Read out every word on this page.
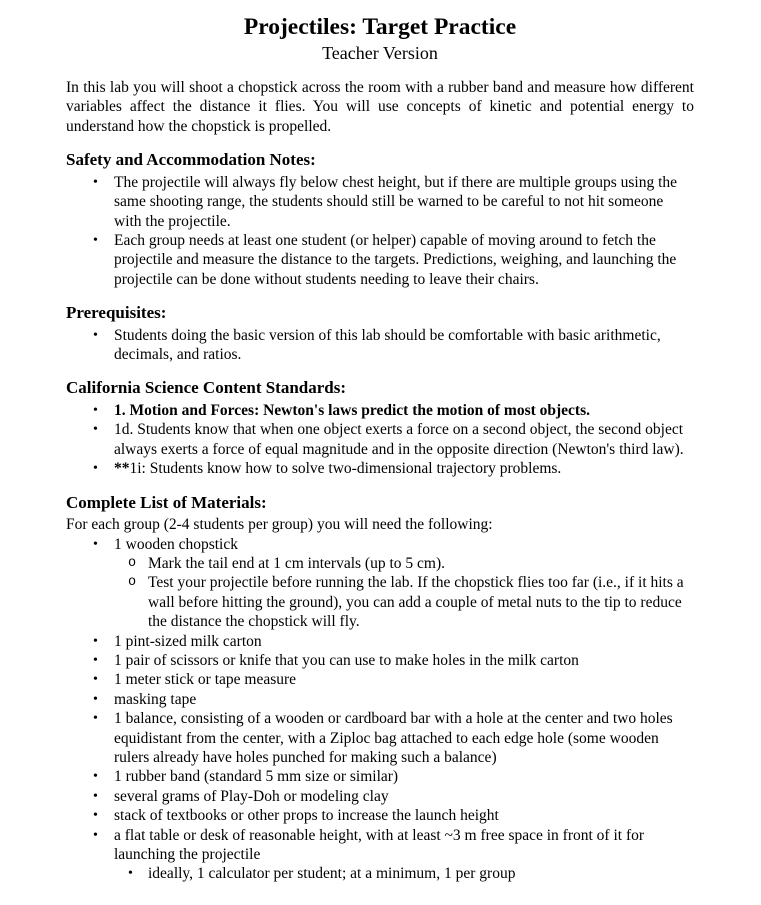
Projectiles: Target Practice
Teacher Version

In this lab you will shoot a chopstick across the room with a rubber band and measure how different variables affect the distance it flies. You will use concepts of kinetic and potential energy to understand how the chopstick is propelled.

Safety and Accommodation Notes:
• The projectile will always fly below chest height, but if there are multiple groups using the same shooting range, the students should still be warned to be careful to not hit someone with the projectile.
• Each group needs at least one student (or helper) capable of moving around to fetch the projectile and measure the distance to the targets. Predictions, weighing, and launching the projectile can be done without students needing to leave their chairs.
Prerequisites:
• Students doing the basic version of this lab should be comfortable with basic arithmetic, decimals, and ratios.
California Science Content Standards:
• 1. Motion and Forces: Newton's laws predict the motion of most objects.
• 1d. Students know that when one object exerts a force on a second object, the second object always exerts a force of equal magnitude and in the opposite direction (Newton's third law).
• **1i: Students know how to solve two-dimensional trajectory problems.
Complete List of Materials:

For each group (2-4 students per group) you will need the following:

• 1 wooden chopstick
o Mark the tail end at 1 cm intervals (up to 5 cm).
o Test your projectile before running the lab. If the chopstick flies too far (i.e., if it hits a wall before hitting the ground), you can add a couple of metal nuts to the tip to reduce the distance the chopstick will fly.
• 1 pint-sized milk carton
• 1 pair of scissors or knife that you can use to make holes in the milk carton
• 1 meter stick or tape measure
• masking tape
• 1 balance, consisting of a wooden or cardboard bar with a hole at the center and two holes equidistant from the center, with a Ziploc bag attached to each edge hole (some wooden rulers already have holes punched for making such a balance)
• 1 rubber band (standard 5 mm size or similar)
• several grams of Play-Doh or modeling clay
• stack of textbooks or other props to increase the launch height
• a flat table or desk of reasonable height, with at least ~3 m free space in front of it for launching the projectile
• ideally, 1 calculator per student; at a minimum, 1 per group
